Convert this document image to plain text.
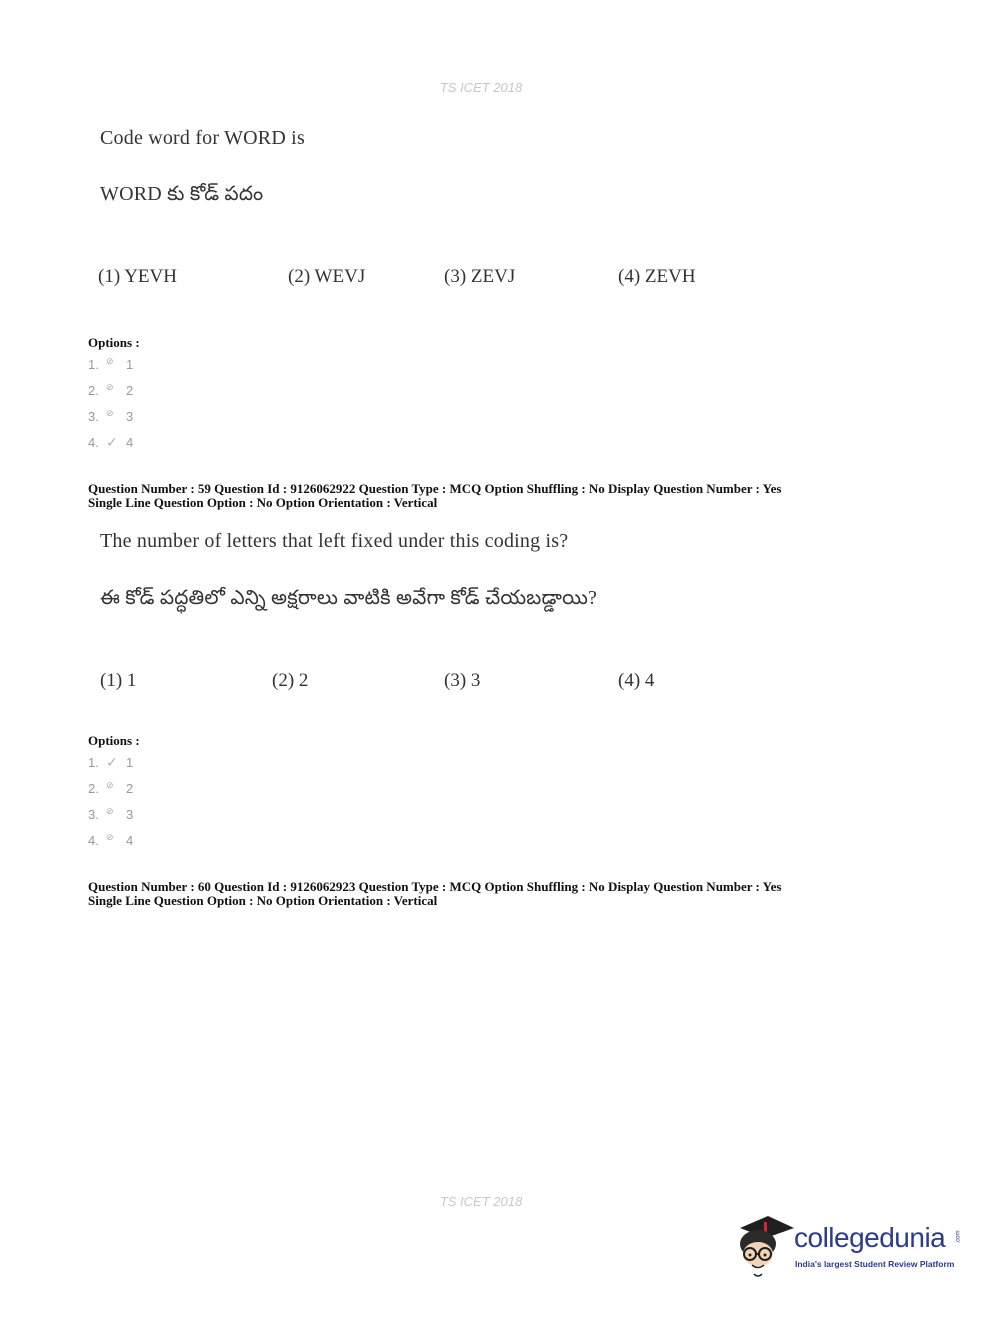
TS ICET 2018
Code word for WORD is
WORD కు కోడ్ పదం
(1) YEVH	(2) WEVJ	(3) ZEVJ	(4) ZEVH
Options :
1. ⊘ 1
2. ⊘ 2
3. ⊘ 3
4. ✓ 4
Question Number : 59 Question Id : 9126062922 Question Type : MCQ Option Shuffling : No Display Question Number : Yes
Single Line Question Option : No Option Orientation : Vertical
The number of letters that left fixed under this coding is?
ఈ కోడ్ పద్ధతిలో ఎన్ని అక్షరాలు వాటికి అవేగా కోడ్ చేయబడ్డాయి?
(1) 1	(2) 2	(3) 3	(4) 4
Options :
1. ✓ 1
2. ⊘ 2
3. ⊘ 3
4. ⊘ 4
Question Number : 60 Question Id : 9126062923 Question Type : MCQ Option Shuffling : No Display Question Number : Yes
Single Line Question Option : No Option Orientation : Vertical
TS ICET 2018
collegedunia .com
India's largest Student Review Platform
